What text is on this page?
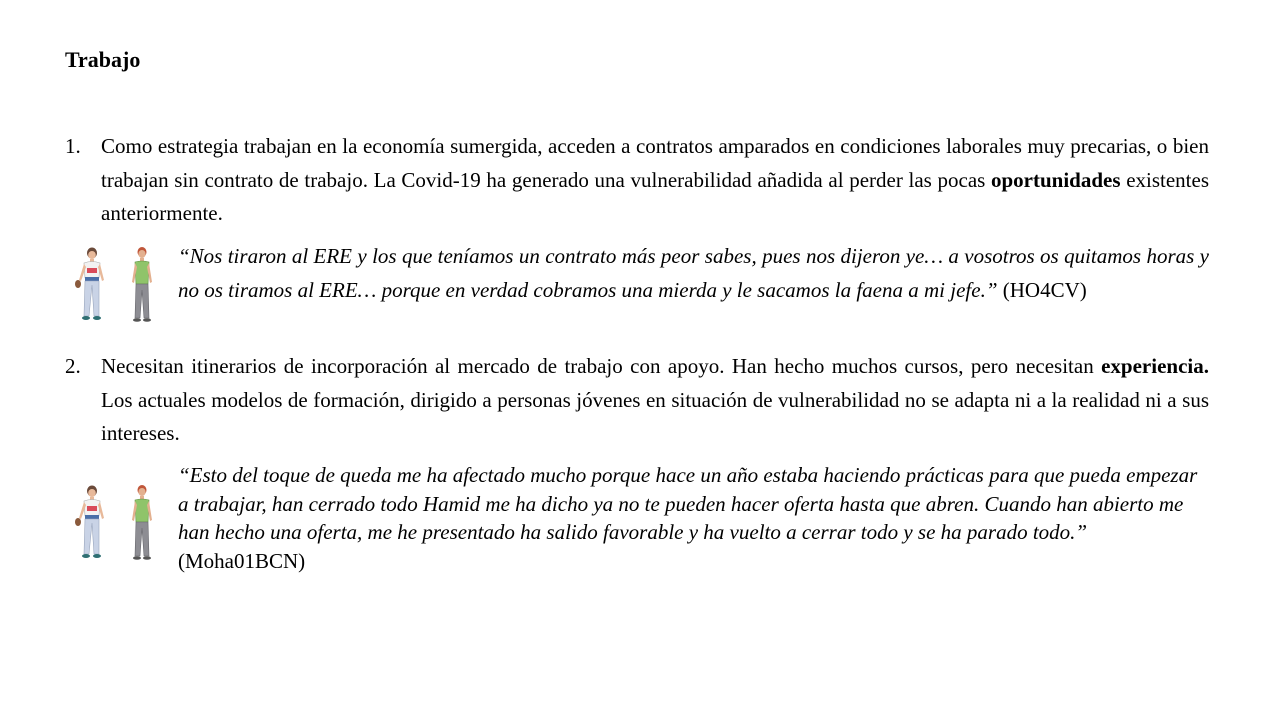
Trabajo
1. Como estrategia trabajan en la economía sumergida, acceden a contratos amparados en condiciones laborales muy precarias, o bien trabajan sin contrato de trabajo. La Covid-19 ha generado una vulnerabilidad añadida al perder las pocas oportunidades existentes anteriormente.
“Nos tiraron al ERE y los que teníamos un contrato más peor sabes, pues nos dijeron ye… a vosotros os quitamos horas y no os tiramos al ERE… porque en verdad cobramos una mierda y le sacamos la faena a mi jefe.” (HO4CV)
2. Necesitan itinerarios de incorporación al mercado de trabajo con apoyo. Han hecho muchos cursos, pero necesitan experiencia. Los actuales modelos de formación, dirigido a personas jóvenes en situación de vulnerabilidad no se adapta ni a la realidad ni a sus intereses.
“Esto del toque de queda me ha afectado mucho porque hace un año estaba haciendo prácticas para que pueda empezar a trabajar, han cerrado todo Hamid me ha dicho ya no te pueden hacer oferta hasta que abren. Cuando han abierto me han hecho una oferta, me he presentado ha salido favorable y ha vuelto a cerrar todo y se ha parado todo.” (Moha01BCN)
